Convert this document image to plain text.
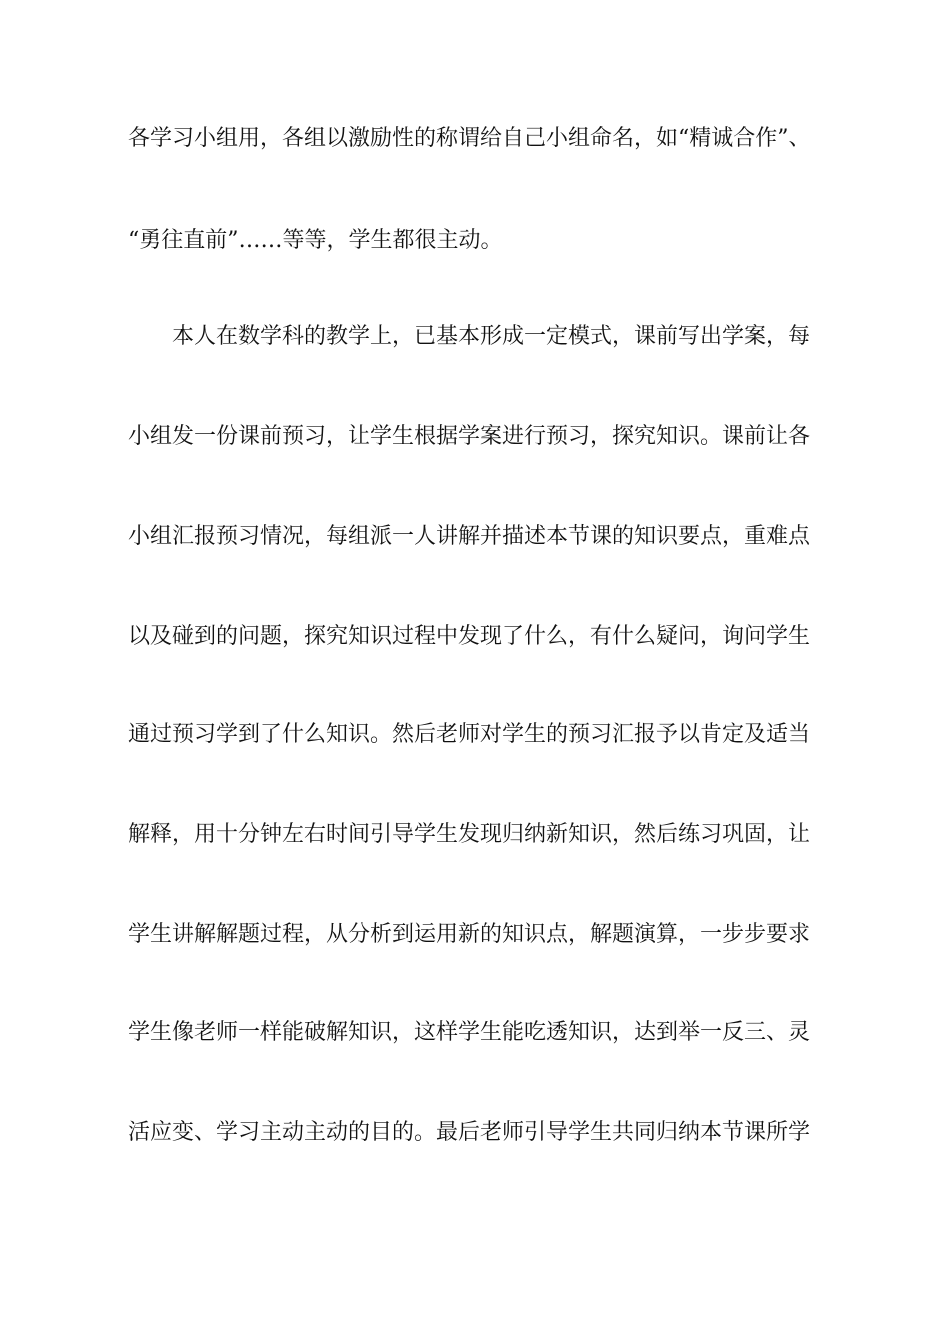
各学习小组用，各组以激励性的称谓给自己小组命名，如“精诚合作”、
“勇往直前”……等等，学生都很主动。
本人在数学科的教学上，已基本形成一定模式，课前写出学案，每
小组发一份课前预习，让学生根据学案进行预习，探究知识。课前让各
小组汇报预习情况，每组派一人讲解并描述本节课的知识要点，重难点
以及碰到的问题，探究知识过程中发现了什么，有什么疑问，询问学生
通过预习学到了什么知识。然后老师对学生的预习汇报予以肯定及适当
解释，用十分钟左右时间引导学生发现归纳新知识，然后练习巩固，让
学生讲解解题过程，从分析到运用新的知识点，解题演算，一步步要求
学生像老师一样能破解知识，这样学生能吃透知识，达到举一反三、灵
活应变、学习主动主动的目的。最后老师引导学生共同归纳本节课所学
